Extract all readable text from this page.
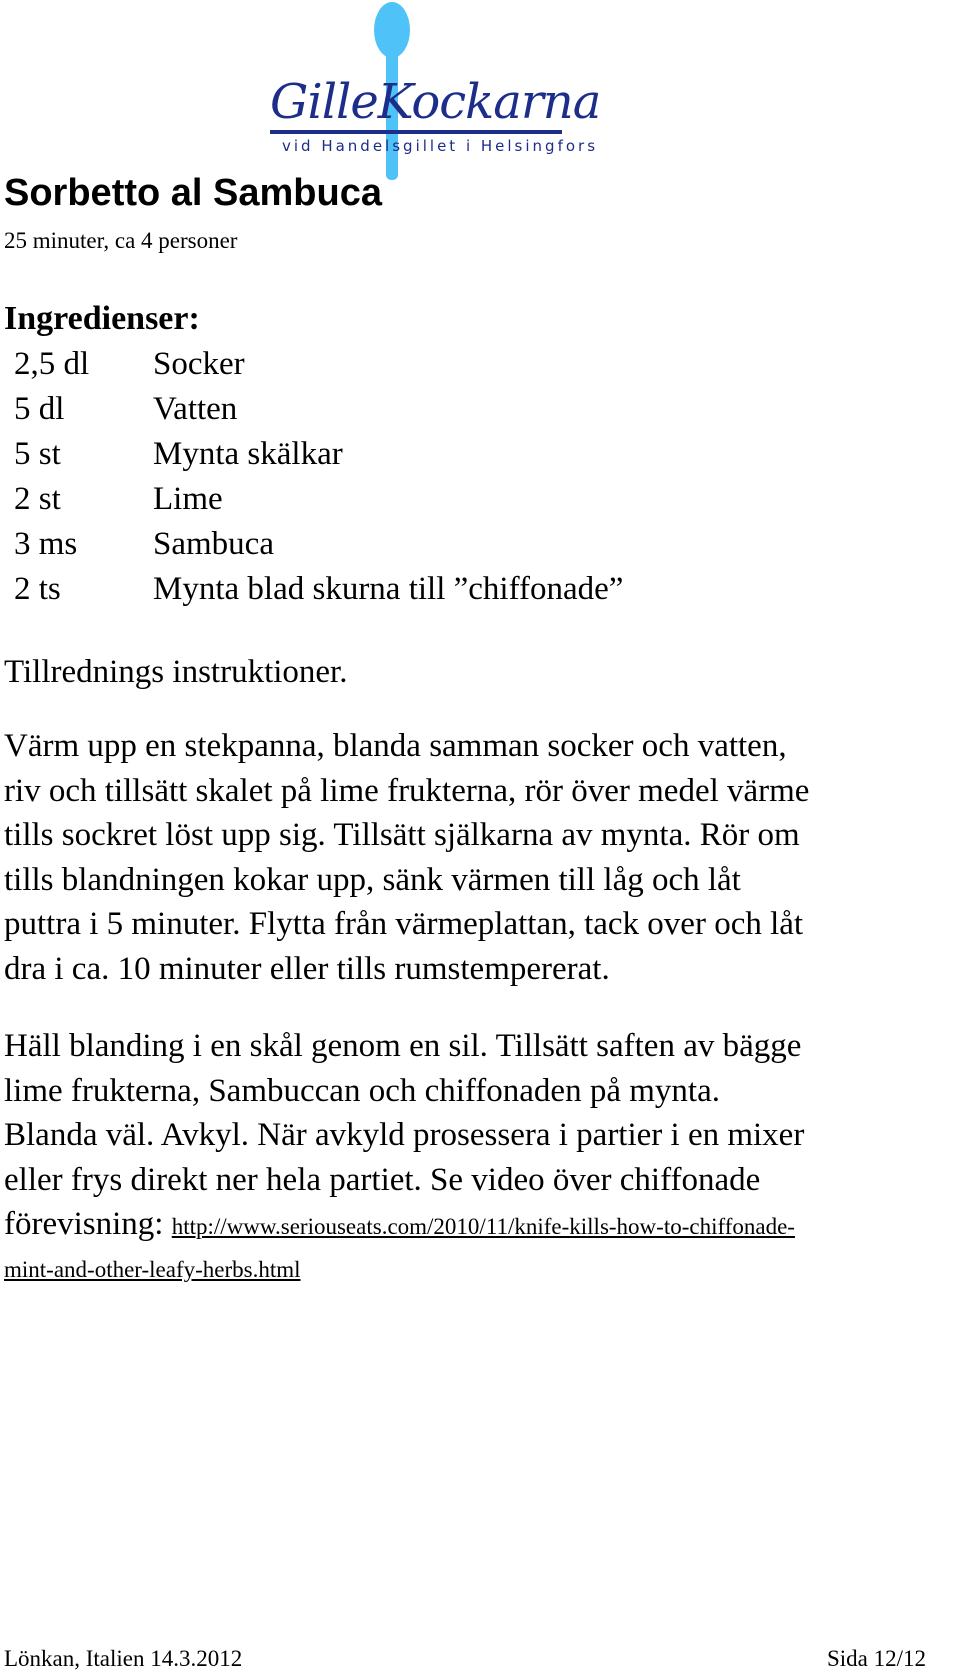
GilleKockarna
vid Handelsgillet i Helsingfors
Sorbetto al Sambuca
25 minuter, ca 4 personer
Ingredienser:
2,5 dl Socker
5 dl	Vatten
5 st	Mynta skälkar
2 st	Lime
3 ms Sambuca
2 ts	Mynta blad skurna till ”chiffonade”
Tillrednings instruktioner.
Värm upp en stekpanna, blanda samman socker och vatten,
riv och tillsätt skalet på lime frukterna, rör över medel värme
tills sockret löst upp sig. Tillsätt själkarna av mynta. Rör om
tills blandningen kokar upp, sänk värmen till låg och låt
puttra i 5 minuter. Flytta från värmeplattan, tack over och låt
dra i ca. 10 minuter eller tills rumstempererat.
Häll blanding i en skål genom en sil. Tillsätt saften av bägge
lime frukterna, Sambuccan och chiffonaden på mynta.
Blanda väl. Avkyl. När avkyld prosessera i partier i en mixer
eller frys direkt ner hela partiet. Se video över chiffonade
förevisning: http://www.seriouseats.com/2010/11/knife-kills-how-to-chiffonade-
mint-and-other-leafy-herbs.html
Lönkan, Italien 14.3.2012	Sida 12/12
